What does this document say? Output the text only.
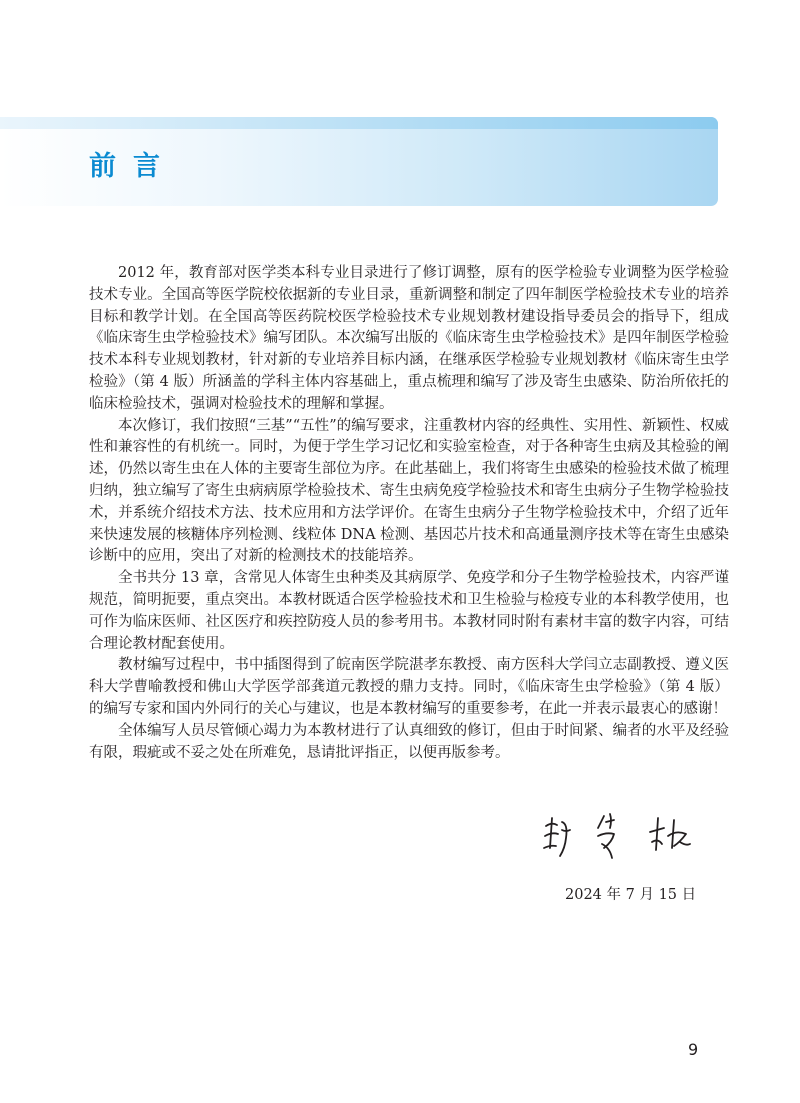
前言

2012 年，教育部对医学类本科专业目录进行了修订调整，原有的医学检验专业调整为医学检验技术专业。全国高等医学院校依据新的专业目录，重新调整和制定了四年制医学检验技术专业的培养目标和教学计划。在全国高等医药院校医学检验技术专业规划教材建设指导委员会的指导下，组成《临床寄生虫学检验技术》编写团队。本次编写出版的《临床寄生虫学检验技术》是四年制医学检验技术本科专业规划教材，针对新的专业培养目标内涵，在继承医学检验专业规划教材《临床寄生虫学检验》（第 4 版）所涵盖的学科主体内容基础上，重点梳理和编写了涉及寄生虫感染、防治所依托的临床检验技术，强调对检验技术的理解和掌握。

本次修订，我们按照“三基”“五性”的编写要求，注重教材内容的经典性、实用性、新颖性、权威性和兼容性的有机统一。同时，为便于学生学习记忆和实验室检查，对于各种寄生虫病及其检验的阐述，仍然以寄生虫在人体的主要寄生部位为序。在此基础上，我们将寄生虫感染的检验技术做了梳理归纳，独立编写了寄生虫病病原学检验技术、寄生虫病免疫学检验技术和寄生虫病分子生物学检验技术，并系统介绍技术方法、技术应用和方法学评价。在寄生虫病分子生物学检验技术中，介绍了近年来快速发展的核糖体序列检测、线粒体 DNA 检测、基因芯片技术和高通量测序技术等在寄生虫感染诊断中的应用，突出了对新的检测技术的技能培养。

全书共分 13 章，含常见人体寄生虫种类及其病原学、免疫学和分子生物学检验技术，内容严谨规范，简明扼要，重点突出。本教材既适合医学检验技术和卫生检验与检疫专业的本科教学使用，也可作为临床医师、社区医疗和疾控防疫人员的参考用书。本教材同时附有素材丰富的数字内容，可结合理论教材配套使用。

教材编写过程中，书中插图得到了皖南医学院湛孝东教授、南方医科大学闫立志副教授、遵义医科大学曹喻教授和佛山大学医学部龚道元教授的鼎力支持。同时，《临床寄生虫学检验》（第 4 版）的编写专家和国内外同行的关心与建议，也是本教材编写的重要参考，在此一并表示最衷心的感谢！

全体编写人员尽管倾心竭力为本教材进行了认真细致的修订，但由于时间紧、编者的水平及经验有限，瑕疵或不妥之处在所难免，恳请批评指正，以便再版参考。

2024 年 7 月 15 日
9
